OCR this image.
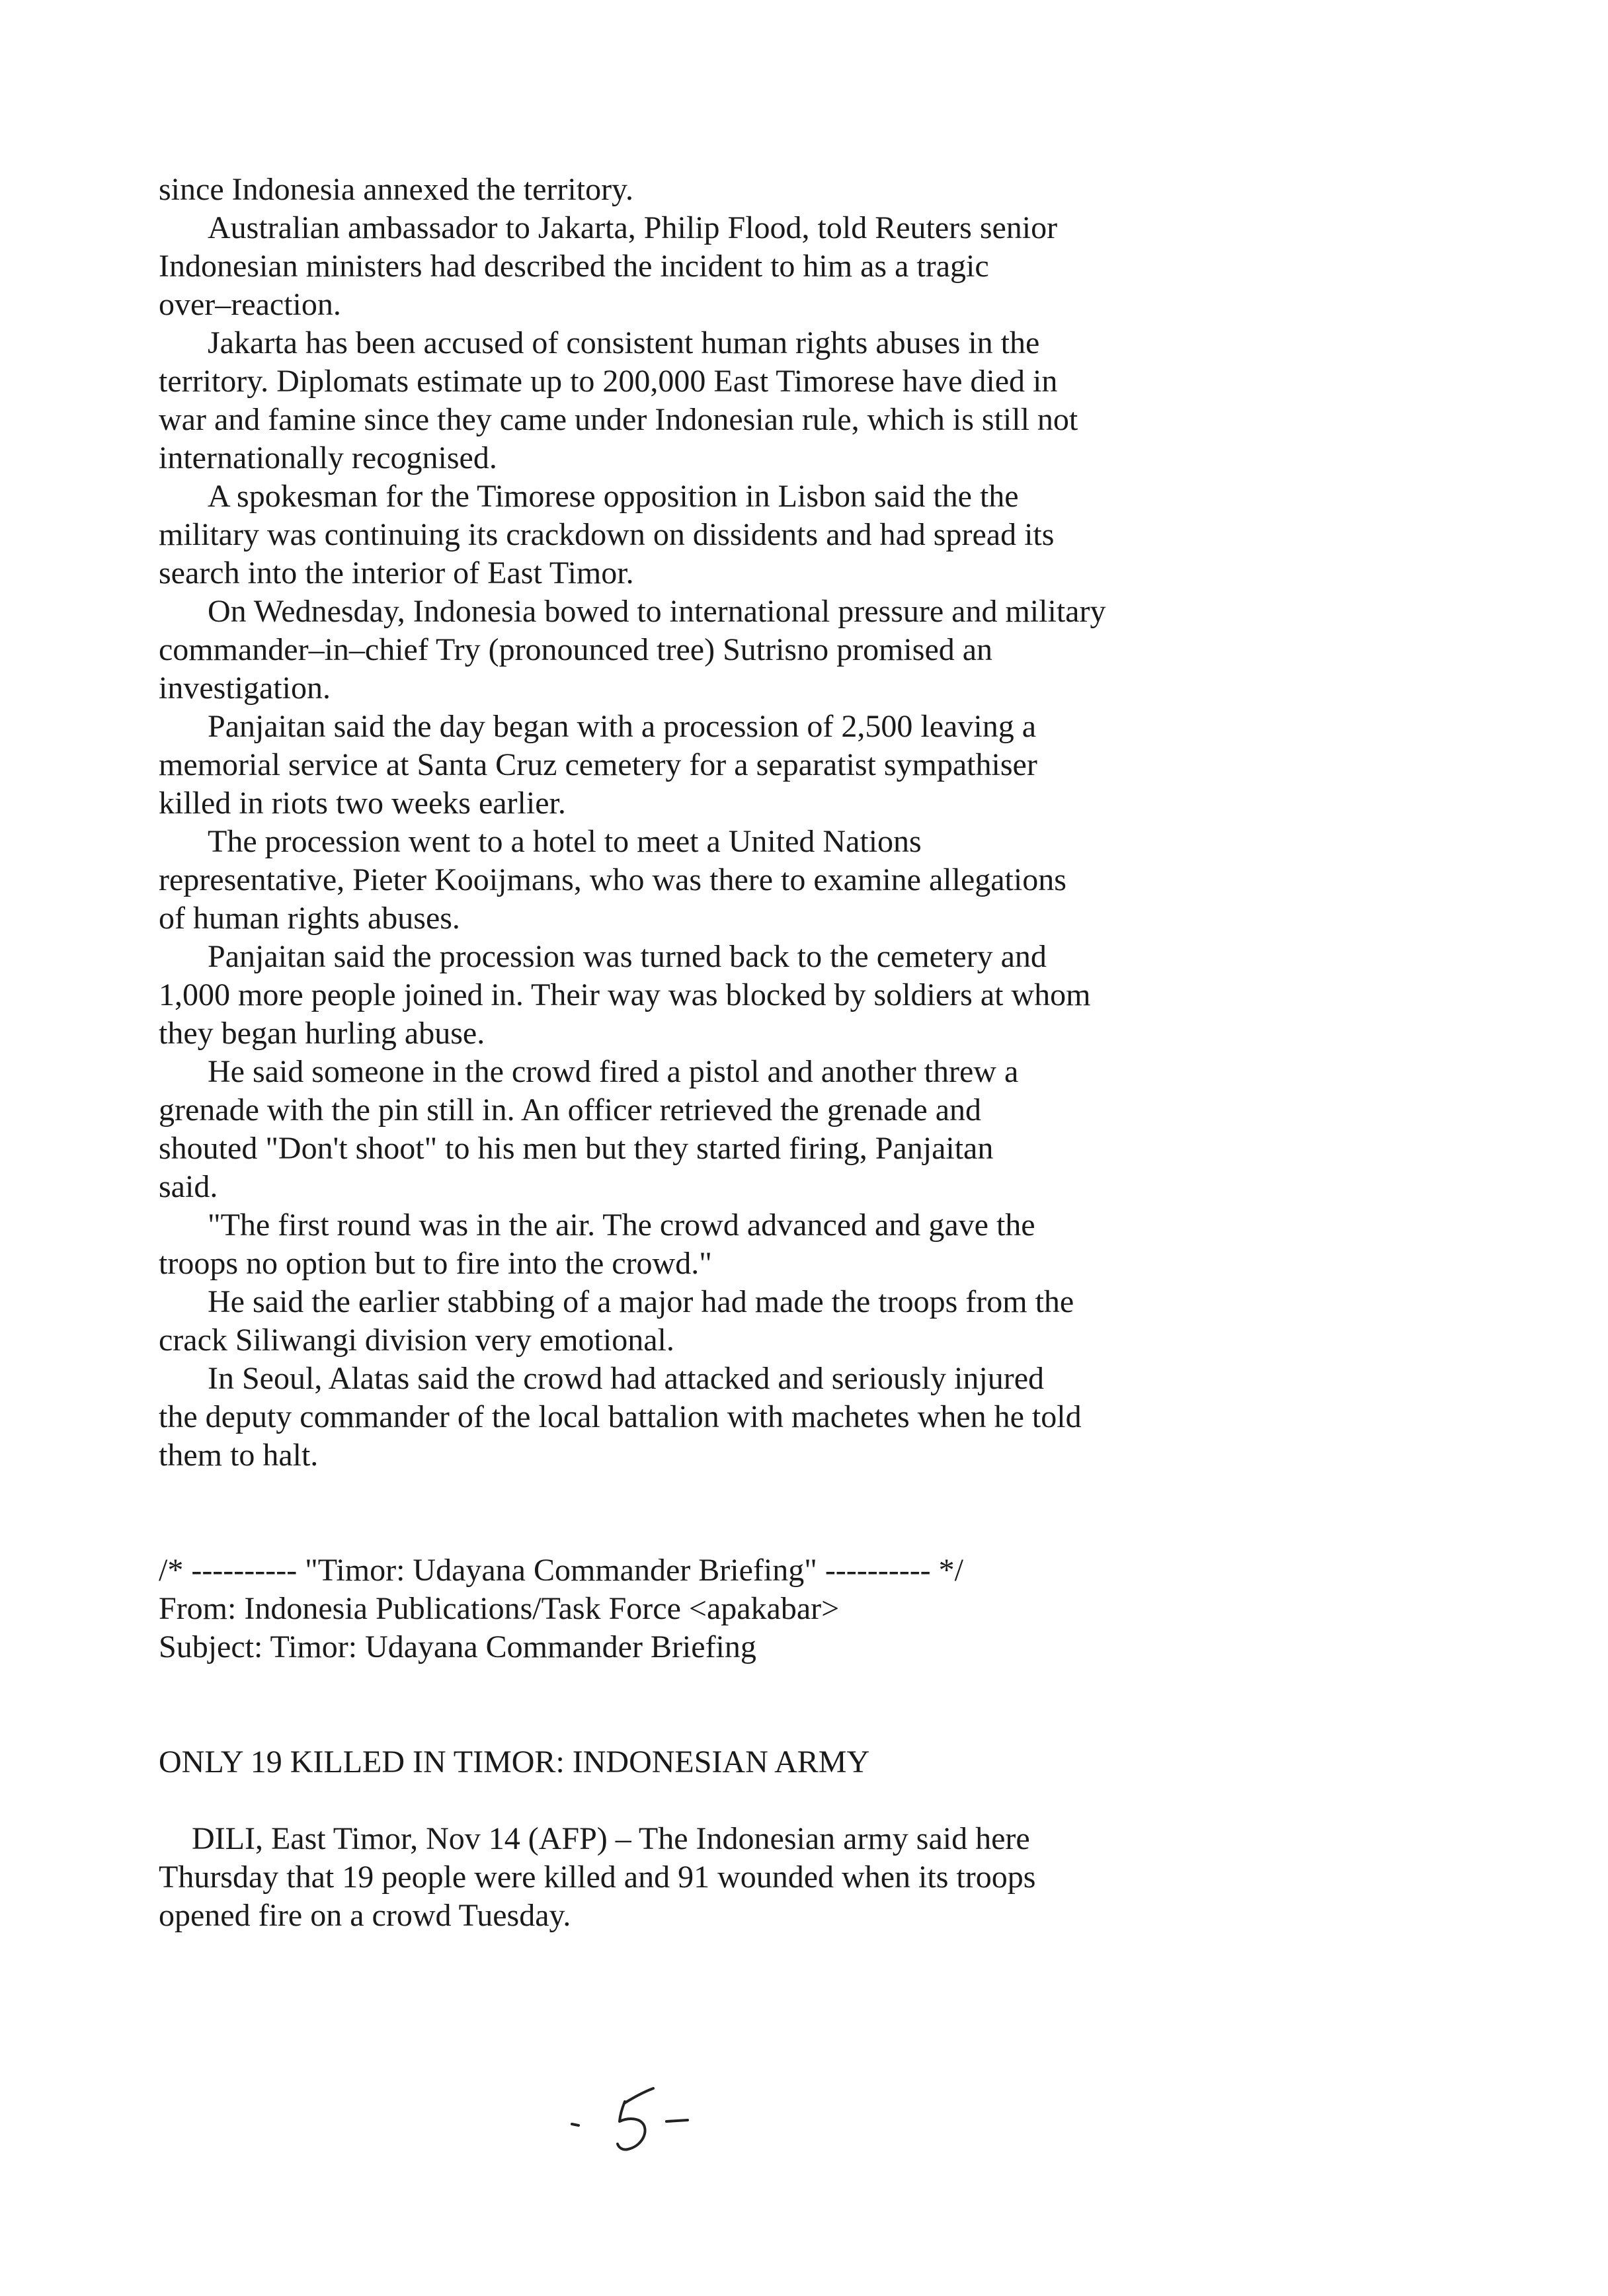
since Indonesia annexed the territory.

Australian ambassador to Jakarta, Philip Flood, told Reuters senior
Indonesian ministers had described the incident to him as a tragic
over–reaction.

Jakarta has been accused of consistent human rights abuses in the
territory. Diplomats estimate up to 200,000 East Timorese have died in
war and famine since they came under Indonesian rule, which is still not
internationally recognised.

A spokesman for the Timorese opposition in Lisbon said the the
military was continuing its crackdown on dissidents and had spread its
search into the interior of East Timor.

On Wednesday, Indonesia bowed to international pressure and military
commander–in–chief Try (pronounced tree) Sutrisno promised an
investigation.

Panjaitan said the day began with a procession of 2,500 leaving a
memorial service at Santa Cruz cemetery for a separatist sympathiser
killed in riots two weeks earlier.

The procession went to a hotel to meet a United Nations
representative, Pieter Kooijmans, who was there to examine allegations
of human rights abuses.

Panjaitan said the procession was turned back to the cemetery and
1,000 more people joined in. Their way was blocked by soldiers at whom
they began hurling abuse.

He said someone in the crowd fired a pistol and another threw a
grenade with the pin still in. An officer retrieved the grenade and
shouted "Don't shoot" to his men but they started firing, Panjaitan
said.

"The first round was in the air. The crowd advanced and gave the
troops no option but to fire into the crowd."

He said the earlier stabbing of a major had made the troops from the
crack Siliwangi division very emotional.

In Seoul, Alatas said the crowd had attacked and seriously injured
the deputy commander of the local battalion with machetes when he told
them to halt.

/* ---------- "Timor: Udayana Commander Briefing" ---------- */

From: Indonesia Publications/Task Force <apakabar>

Subject: Timor: Udayana Commander Briefing

ONLY 19 KILLED IN TIMOR: INDONESIAN ARMY

DILI, East Timor, Nov 14 (AFP) – The Indonesian army said here
Thursday that 19 people were killed and 91 wounded when its troops
opened fire on a crowd Tuesday.
